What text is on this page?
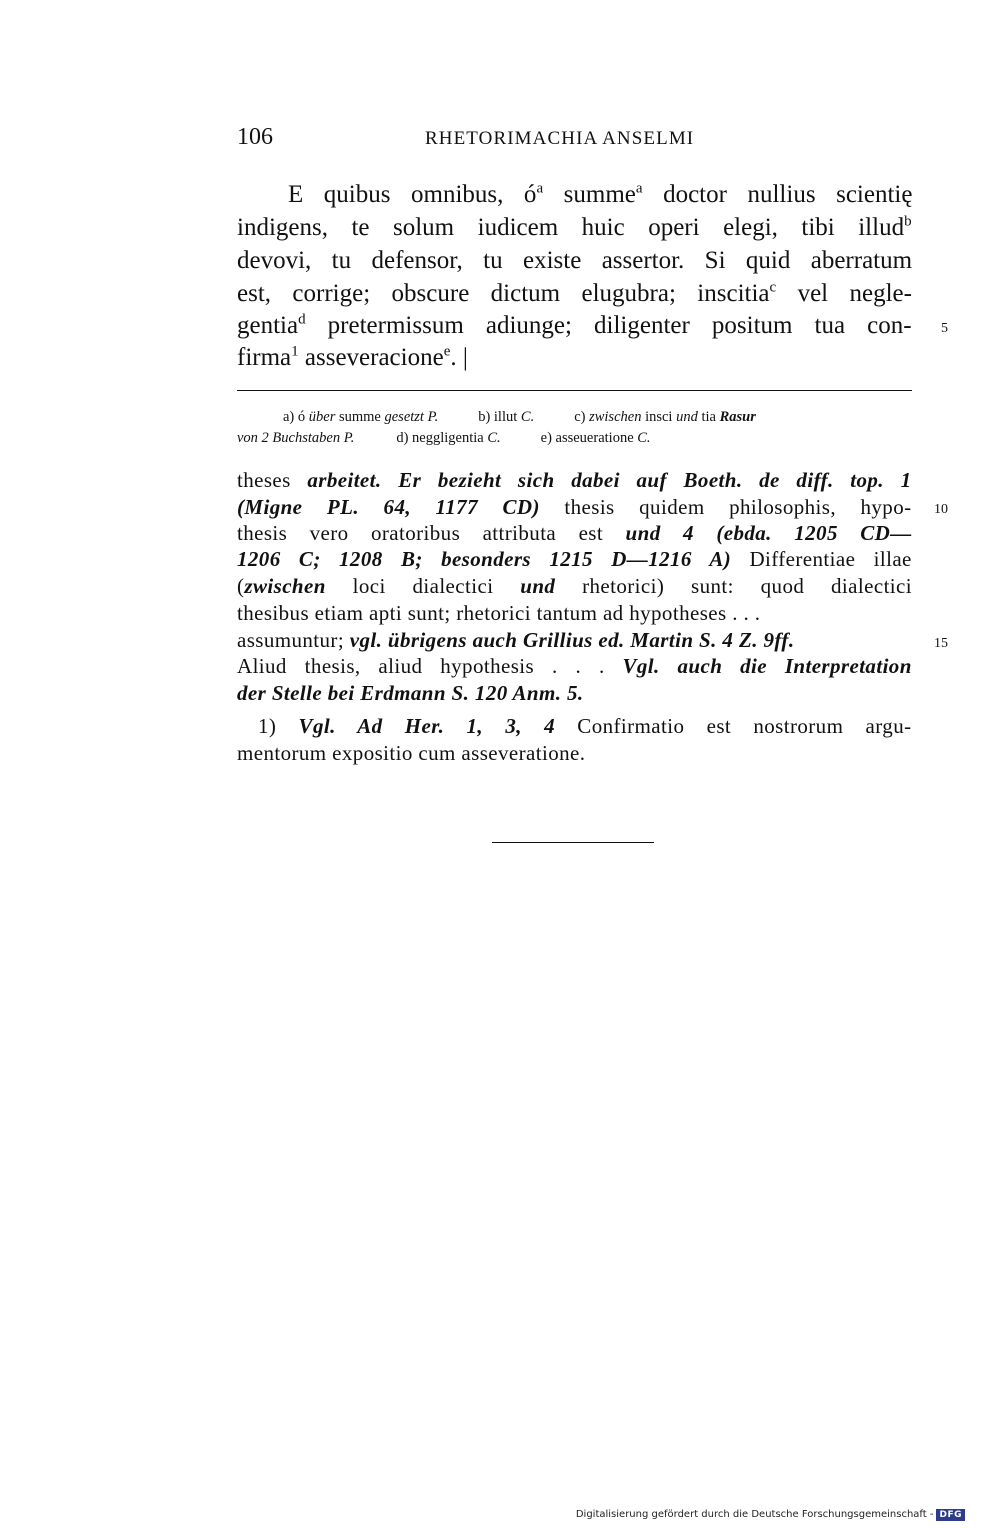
106	RHETORIMACHIA ANSELMI
E quibus omnibus, $ó^a$ summe$^a$ doctor nullius scientię
indigens, te solum iudicem huic operi elegi, tibi illud$^b$
devovi, tu defensor, tu existe assertor. Si quid aberratum
est, corrige; obscure dictum elugubra; inscitia$^c$ vel negle-
gentia$^d$ pretermissum adiunge; diligenter positum tua con- 5
firma$^1$ asseveracione$^e$. |
a) ó über summe gesetzt P.	b) illut C.	c) zwischen insci und tia Rasur
von 2 Buchstaben P.	d) neggligentia C.	e) asseueratione C.
theses arbeitet. Er bezieht sich dabei auf Boeth. de diff. top. 1
(Migne PL. 64, 1177 CD) thesis quidem philosophis, hypo- 10
thesis vero oratoribus attributa est und 4 (ebda. 1205 CD—
1206 C; 1208 B; besonders 1215 D—1216 A) Differentiae illae
(zwischen loci dialectici und rhetorici) sunt: quod dialectici
thesibus etiam apti sunt; rhetorici tantum ad hypotheses . . .
assumuntur; vgl. übrigens auch Grillius ed. Martin S. 4 Z. 9ff.	15
Aliud thesis, aliud hypothesis . . . Vgl. auch die Interpretation
der Stelle bei Erdmann S. 120 Anm. 5.
1) Vgl. Ad Her. 1, 3, 4 Confirmatio est nostrorum argu-
mentorum expositio cum asseveratione.
Digitalisierung gefördert durch die Deutsche Forschungsgemeinschaft - DFG
